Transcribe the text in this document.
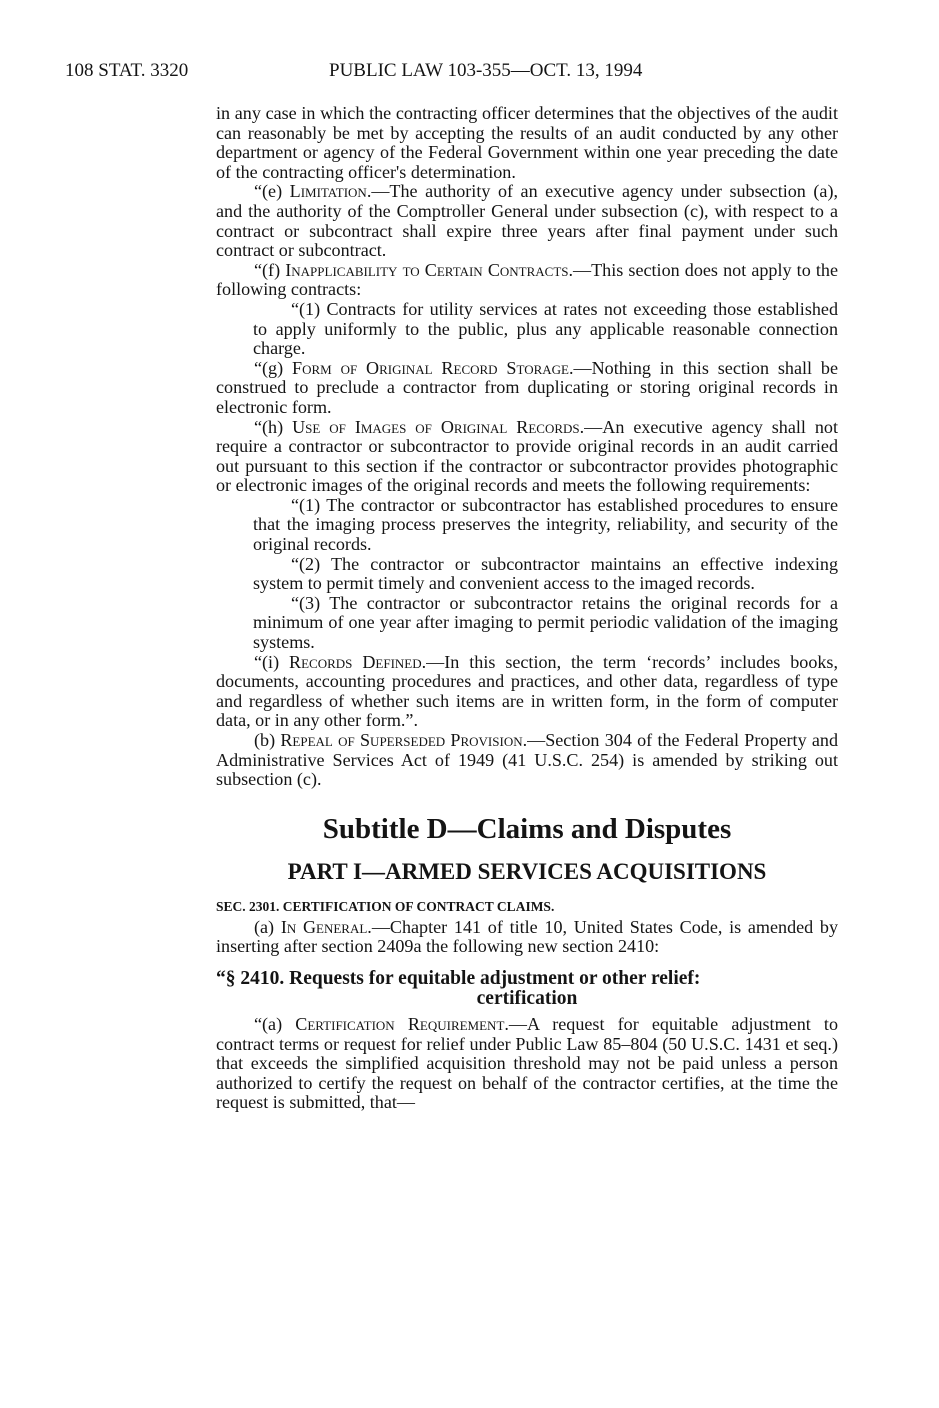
108 STAT. 3320	PUBLIC LAW 103-355—OCT. 13, 1994

in any case in which the contracting officer determines that the objectives of the audit can reasonably be met by accepting the results of an audit conducted by any other department or agency of the Federal Government within one year preceding the date of the contracting officer's determination.

“(e) Limitation.—The authority of an executive agency under subsection (a), and the authority of the Comptroller General under subsection (c), with respect to a contract or subcontract shall expire three years after final payment under such contract or subcontract.

“(f) Inapplicability to Certain Contracts.—This section does not apply to the following contracts:

“(1) Contracts for utility services at rates not exceeding those established to apply uniformly to the public, plus any applicable reasonable connection charge.

“(g) Form of Original Record Storage.—Nothing in this section shall be construed to preclude a contractor from duplicating or storing original records in electronic form.

“(h) Use of Images of Original Records.—An executive agency shall not require a contractor or subcontractor to provide original records in an audit carried out pursuant to this section if the contractor or subcontractor provides photographic or electronic images of the original records and meets the following requirements:

“(1) The contractor or subcontractor has established procedures to ensure that the imaging process preserves the integrity, reliability, and security of the original records.

“(2) The contractor or subcontractor maintains an effective indexing system to permit timely and convenient access to the imaged records.

“(3) The contractor or subcontractor retains the original records for a minimum of one year after imaging to permit periodic validation of the imaging systems.

“(i) Records Defined.—In this section, the term ‘records’ includes books, documents, accounting procedures and practices, and other data, regardless of type and regardless of whether such items are in written form, in the form of computer data, or in any other form.”.

(b) Repeal of Superseded Provision.—Section 304 of the Federal Property and Administrative Services Act of 1949 (41 U.S.C. 254) is amended by striking out subsection (c).

Subtitle D—Claims and Disputes
PART I—ARMED SERVICES ACQUISITIONS
SEC. 2301. CERTIFICATION OF CONTRACT CLAIMS.

(a) In General.—Chapter 141 of title 10, United States Code, is amended by inserting after section 2409a the following new section 2410:

“§ 2410. Requests for equitable adjustment or other relief:
certification

“(a) Certification Requirement.—A request for equitable adjustment to contract terms or request for relief under Public Law 85–804 (50 U.S.C. 1431 et seq.) that exceeds the simplified acquisition threshold may not be paid unless a person authorized to certify the request on behalf of the contractor certifies, at the time the request is submitted, that—
